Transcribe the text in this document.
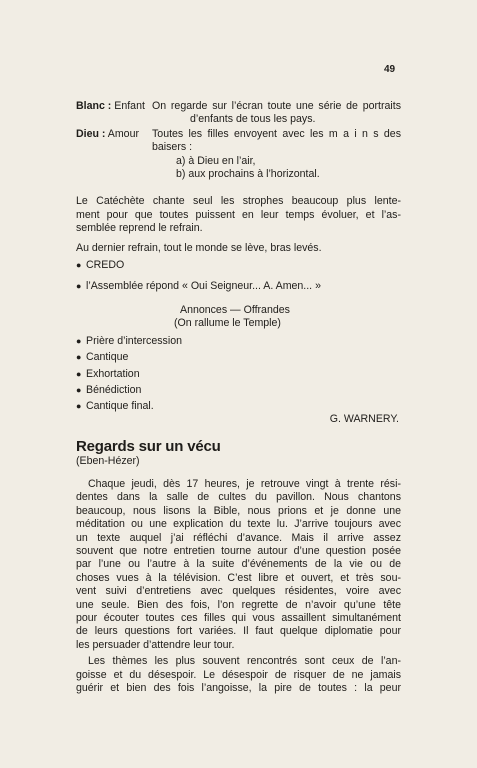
49
Blanc : Enfant On regarde sur l’écran toute une série de portraits
d’enfants de tous les pays.
Dieu : Amour	Toutes les filles envoyent avec les m a i n s des
baisers :
a) à Dieu en l’air,
b) aux prochains à l’horizontal.
Le Catéchète chante seul les strophes beaucoup plus lente-
ment pour que toutes puissent en leur temps évoluer, et l’as-
semblée reprend le refrain.
Au dernier refrain, tout le monde se lève, bras levés.
● CREDO
● l’Assemblée répond « Oui Seigneur... A. Amen... »
Annonces — Offrandes
(On rallume le Temple)
● Prière d’intercession
● Cantique
● Exhortation
● Bénédiction
● Cantique final.
G. WARNERY.
Regards sur un vécu
(Eben-Hézer)
Chaque jeudi, dès 17 heures, je retrouve vingt à trente rési-
dentes dans la salle de cultes du pavillon. Nous chantons
beaucoup, nous lisons la Bible, nous prions et je donne une
méditation ou une explication du texte lu. J’arrive toujours avec
un texte auquel j’ai réfléchi d’avance. Mais il arrive assez
souvent que notre entretien tourne autour d’une question posée
par l’une ou l’autre à la suite d’événements de la vie ou de
choses vues à la télévision. C’est libre et ouvert, et très sou-
vent suivi d’entretiens avec quelques résidentes, voire avec
une seule. Bien des fois, l’on regrette de n’avoir qu’une tête
pour écouter toutes ces filles qui vous assaillent simultanément
de leurs questions fort variées. Il faut quelque diplomatie pour
les persuader d’attendre leur tour.
Les thèmes les plus souvent rencontrés sont ceux de l’an-
goisse et du désespoir. Le désespoir de risquer de ne jamais
guérir et bien des fois l’angoisse, la pire de toutes : la peur
